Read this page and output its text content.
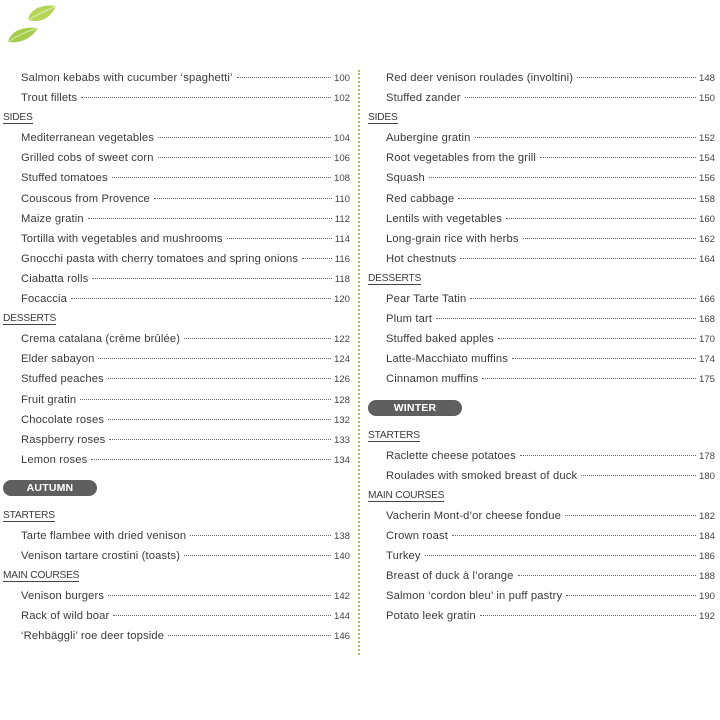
Salmon kebabs with cucumber ‘spaghetti’	100
Trout fillets	102
SIDES
Mediterranean vegetables	104
Grilled cobs of sweet corn	106
Stuffed tomatoes	108
Couscous from Provence	110
Maize gratin	112
Tortilla with vegetables and mushrooms	114
Gnocchi pasta with cherry tomatoes and spring onions	116
Ciabatta rolls	118
Focaccia	120
DESSERTS
Crema catalana (crème brûlée)	122
Elder sabayon	124
Stuffed peaches	126
Fruit gratin	128
Chocolate roses	132
Raspberry roses	133
Lemon roses	134
AUTUMN
STARTERS
Tarte flambee with dried venison	138
Venison tartare crostini (toasts)	140
MAIN COURSES
Venison burgers	142
Rack of wild boar	144
‘Rehbäggli’ roe deer topside	146
Red deer venison roulades (involtini)	148
Stuffed zander	150
SIDES
Aubergine gratin	152
Root vegetables from the grill	154
Squash	156
Red cabbage	158
Lentils with vegetables	160
Long-grain rice with herbs	162
Hot chestnuts	164
DESSERTS
Pear Tarte Tatin	166
Plum tart	168
Stuffed baked apples	170
Latte-Macchiato muffins	174
Cinnamon muffins	175
WINTER
STARTERS
Raclette cheese potatoes	178
Roulades with smoked breast of duck	180
MAIN COURSES
Vacherin Mont-d’or cheese fondue	182
Crown roast	184
Turkey	186
Breast of duck à l’orange	188
Salmon ‘cordon bleu’ in puff pastry	190
Potato leek gratin	192
